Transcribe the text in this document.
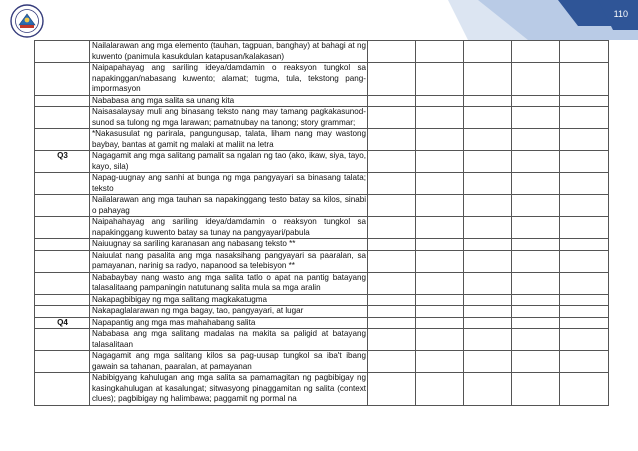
110
	Nailalarawan ang mga elemento (tauhan, tagpuan, banghay) at bahagi at ng kuwento (panimula kasukdulan katapusan/kalakasan)					
	Naipapahayag ang sariling ideya/damdamin o reaksyon tungkol sa napakinggan/nabasang kuwento; alamat; tugma, tula, tekstong pang-impormasyon					
	Nababasa ang mga salita sa unang kita					
	Naisasalaysay muli ang binasang teksto nang may tamang pagkakasunod-sunod sa tulong ng mga larawan; pamatnubay na tanong; story grammar;					
	*Nakasusulat ng parirala, pangungusap, talata, liham nang may wastong baybay, bantas at gamit ng malaki at maliit na letra					
Q3	Nagagamit ang mga salitang pamalit sa ngalan ng tao (ako, ikaw, siya, tayo, kayo, sila)					
	Napag-uugnay ang sanhi at bunga ng mga pangyayari sa binasang talata; teksto					
	Nailalarawan ang mga tauhan sa napakinggang testo batay sa kilos, sinabi o pahayag					
	Naipahahayag ang sariling ideya/damdamin o reaksyon tungkol sa napakinggang kuwento batay sa tunay na pangyayari/pabula					
	Naiuugnay sa sariling karanasan ang nabasang teksto **					
	Naiuulat nang pasalita ang mga nasaksihang pangyayari sa paaralan, sa pamayanan, narinig sa radyo, napanood sa telebisyon **					
	Nababaybay nang wasto ang mga salita tatlo o apat na pantig batayang talasalitaang pampaningin natutunang salita mula sa mga aralin					
	Nakapagbibigay ng mga salitang magkakatugma					
	Nakapaglalarawan ng mga bagay, tao, pangyayari, at lugar					
Q4	Napapantig ang mga mas mahahabang salita					
	Nababasa ang mga salitang madalas na makita sa paligid at batayang talasalitaan					
	Nagagamit ang mga salitang kilos sa pag-uusap tungkol sa iba't ibang gawain sa tahanan, paaralan, at pamayanan					
	Nabibigyang kahulugan ang mga salita sa pamamagitan ng pagbibigay ng kasingkahulugan at kasalungat; sitwasyong pinaggamitan ng salita (context clues); pagbibigay ng halimbawa; paggamit ng pormal na					
